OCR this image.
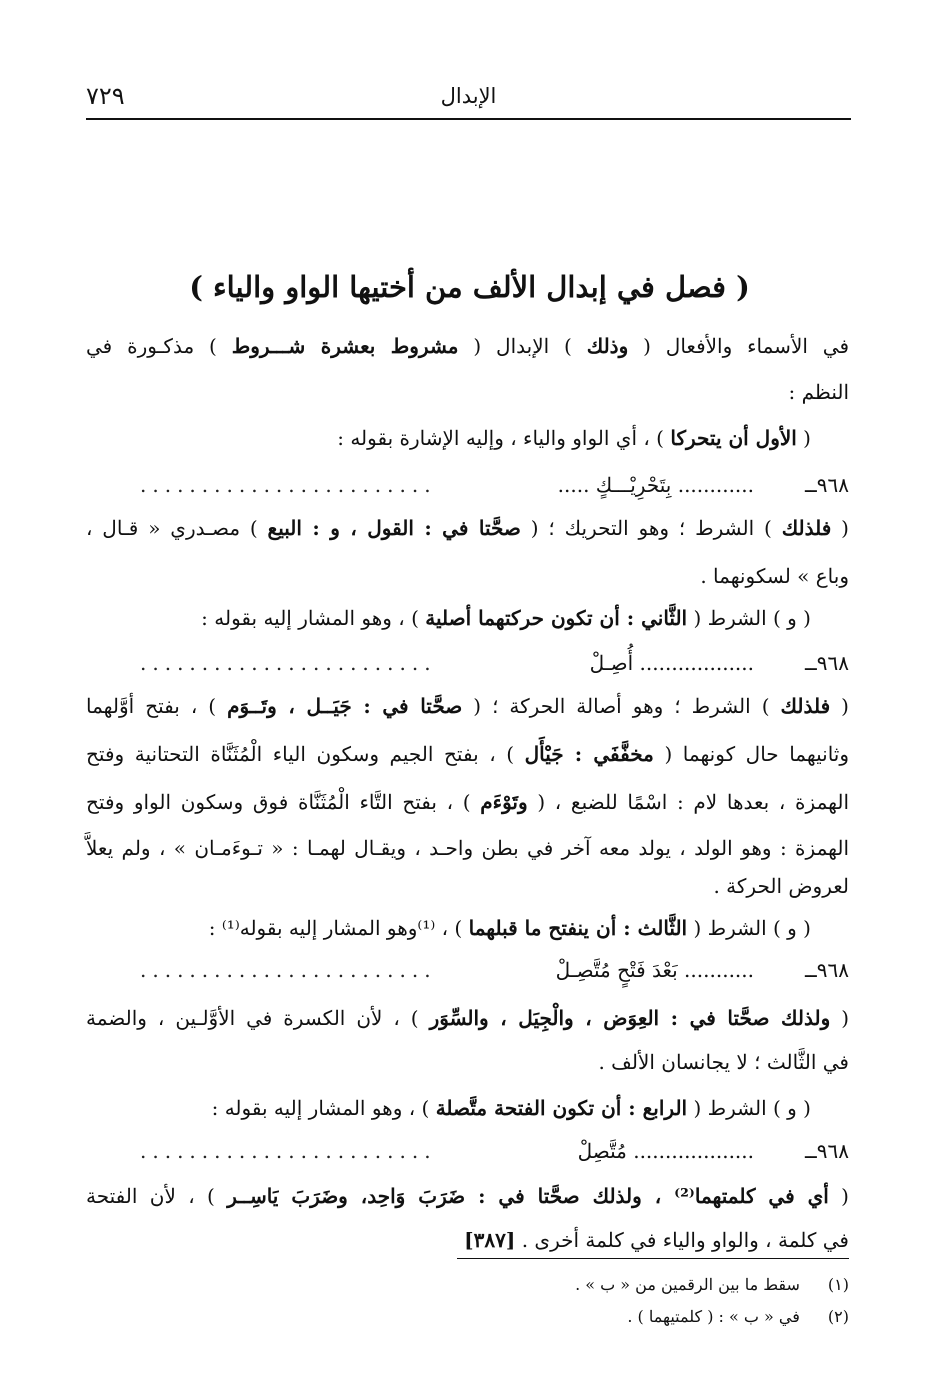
الإبدال
٧٢٩
( فصل في إبدال الألف من أختيها الواو والياء )
في الأسماء والأفعال ( وذلك ) الإبدال ( مشروط بعشرة شـــروط ) مذكـورة في
النظم :
( الأول أن يتحركا ) ، أي الواو والياء ، وإليه الإشارة بقوله :
٩٦٨ــ
............ بِتَحْرِيْـــكٍ .....
........................
( فلذلك ) الشرط ؛ وهو التحريك ؛ ( صحَّتا في : القول ، و : البيع ) مصـدري « قـال ،
وباع » لسكونهما .
( و ) الشرط ( الثَّاني : أن تكون حركتهما أصلية ) ، وهو المشار إليه بقوله :
٩٦٨ــ
.................. أُصِـلْ
........................
( فلذلك ) الشرط ؛ وهو أصالة الحركة ؛ ( صحَّتا في : جَيَــل ، وتَــوَم ) ، بفتح أوَّلهما
وثانيهما حال كونهما ( مخفَّفَي : جَيْأَل ) ، بفتح الجيم وسكون الياء الْمُثَنَّاة التحتانية وفتح
الهمزة ، بعدها لام : اسْمًا للضبع ، ( وتَوْءَم ) ، بفتح التَّاء الْمُثَنَّاة فوق وسكون الواو وفتح
الهمزة : وهو الولد ، يولد معه آخر في بطن واحـد ، ويقـال لهمـا : « تـوءَمـان » ، ولم يعلاَّ
لعروض الحركة .
( و ) الشرط ( الثَّالث : أن ينفتح ما قبلهما ) ، ⁽¹⁾وهو المشار إليه بقوله⁽¹⁾ :
٩٦٨ــ
........... بَعْدَ فَتْحٍ مُتَّصِـلْ
........................
( ولذلك صحَّتا في : العِوَض ، والْجِيَل ، والسِّوَر ) ، لأن الكسرة في الأوَّلـين ، والضمة
في الثَّالث ؛ لا يجانسان الألف .
( و ) الشرط ( الرابع : أن تكون الفتحة متَّصلة ) ، وهو المشار إليه بقوله :
٩٦٨ــ
................... مُتَّصِلْ
........................
( أي في كلمتهما⁽²⁾ ، ولذلك صحَّتا في : ضَرَبَ وَاحِد، وضَرَبَ يَاسِــر ) ، لأن الفتحة
في كلمة ، والواو والياء في كلمة أخرى . [٣٨٧]
(١) سقط ما بين الرقمين من « ب » .
(٢) في « ب » : ( كلمتيهما ) .
